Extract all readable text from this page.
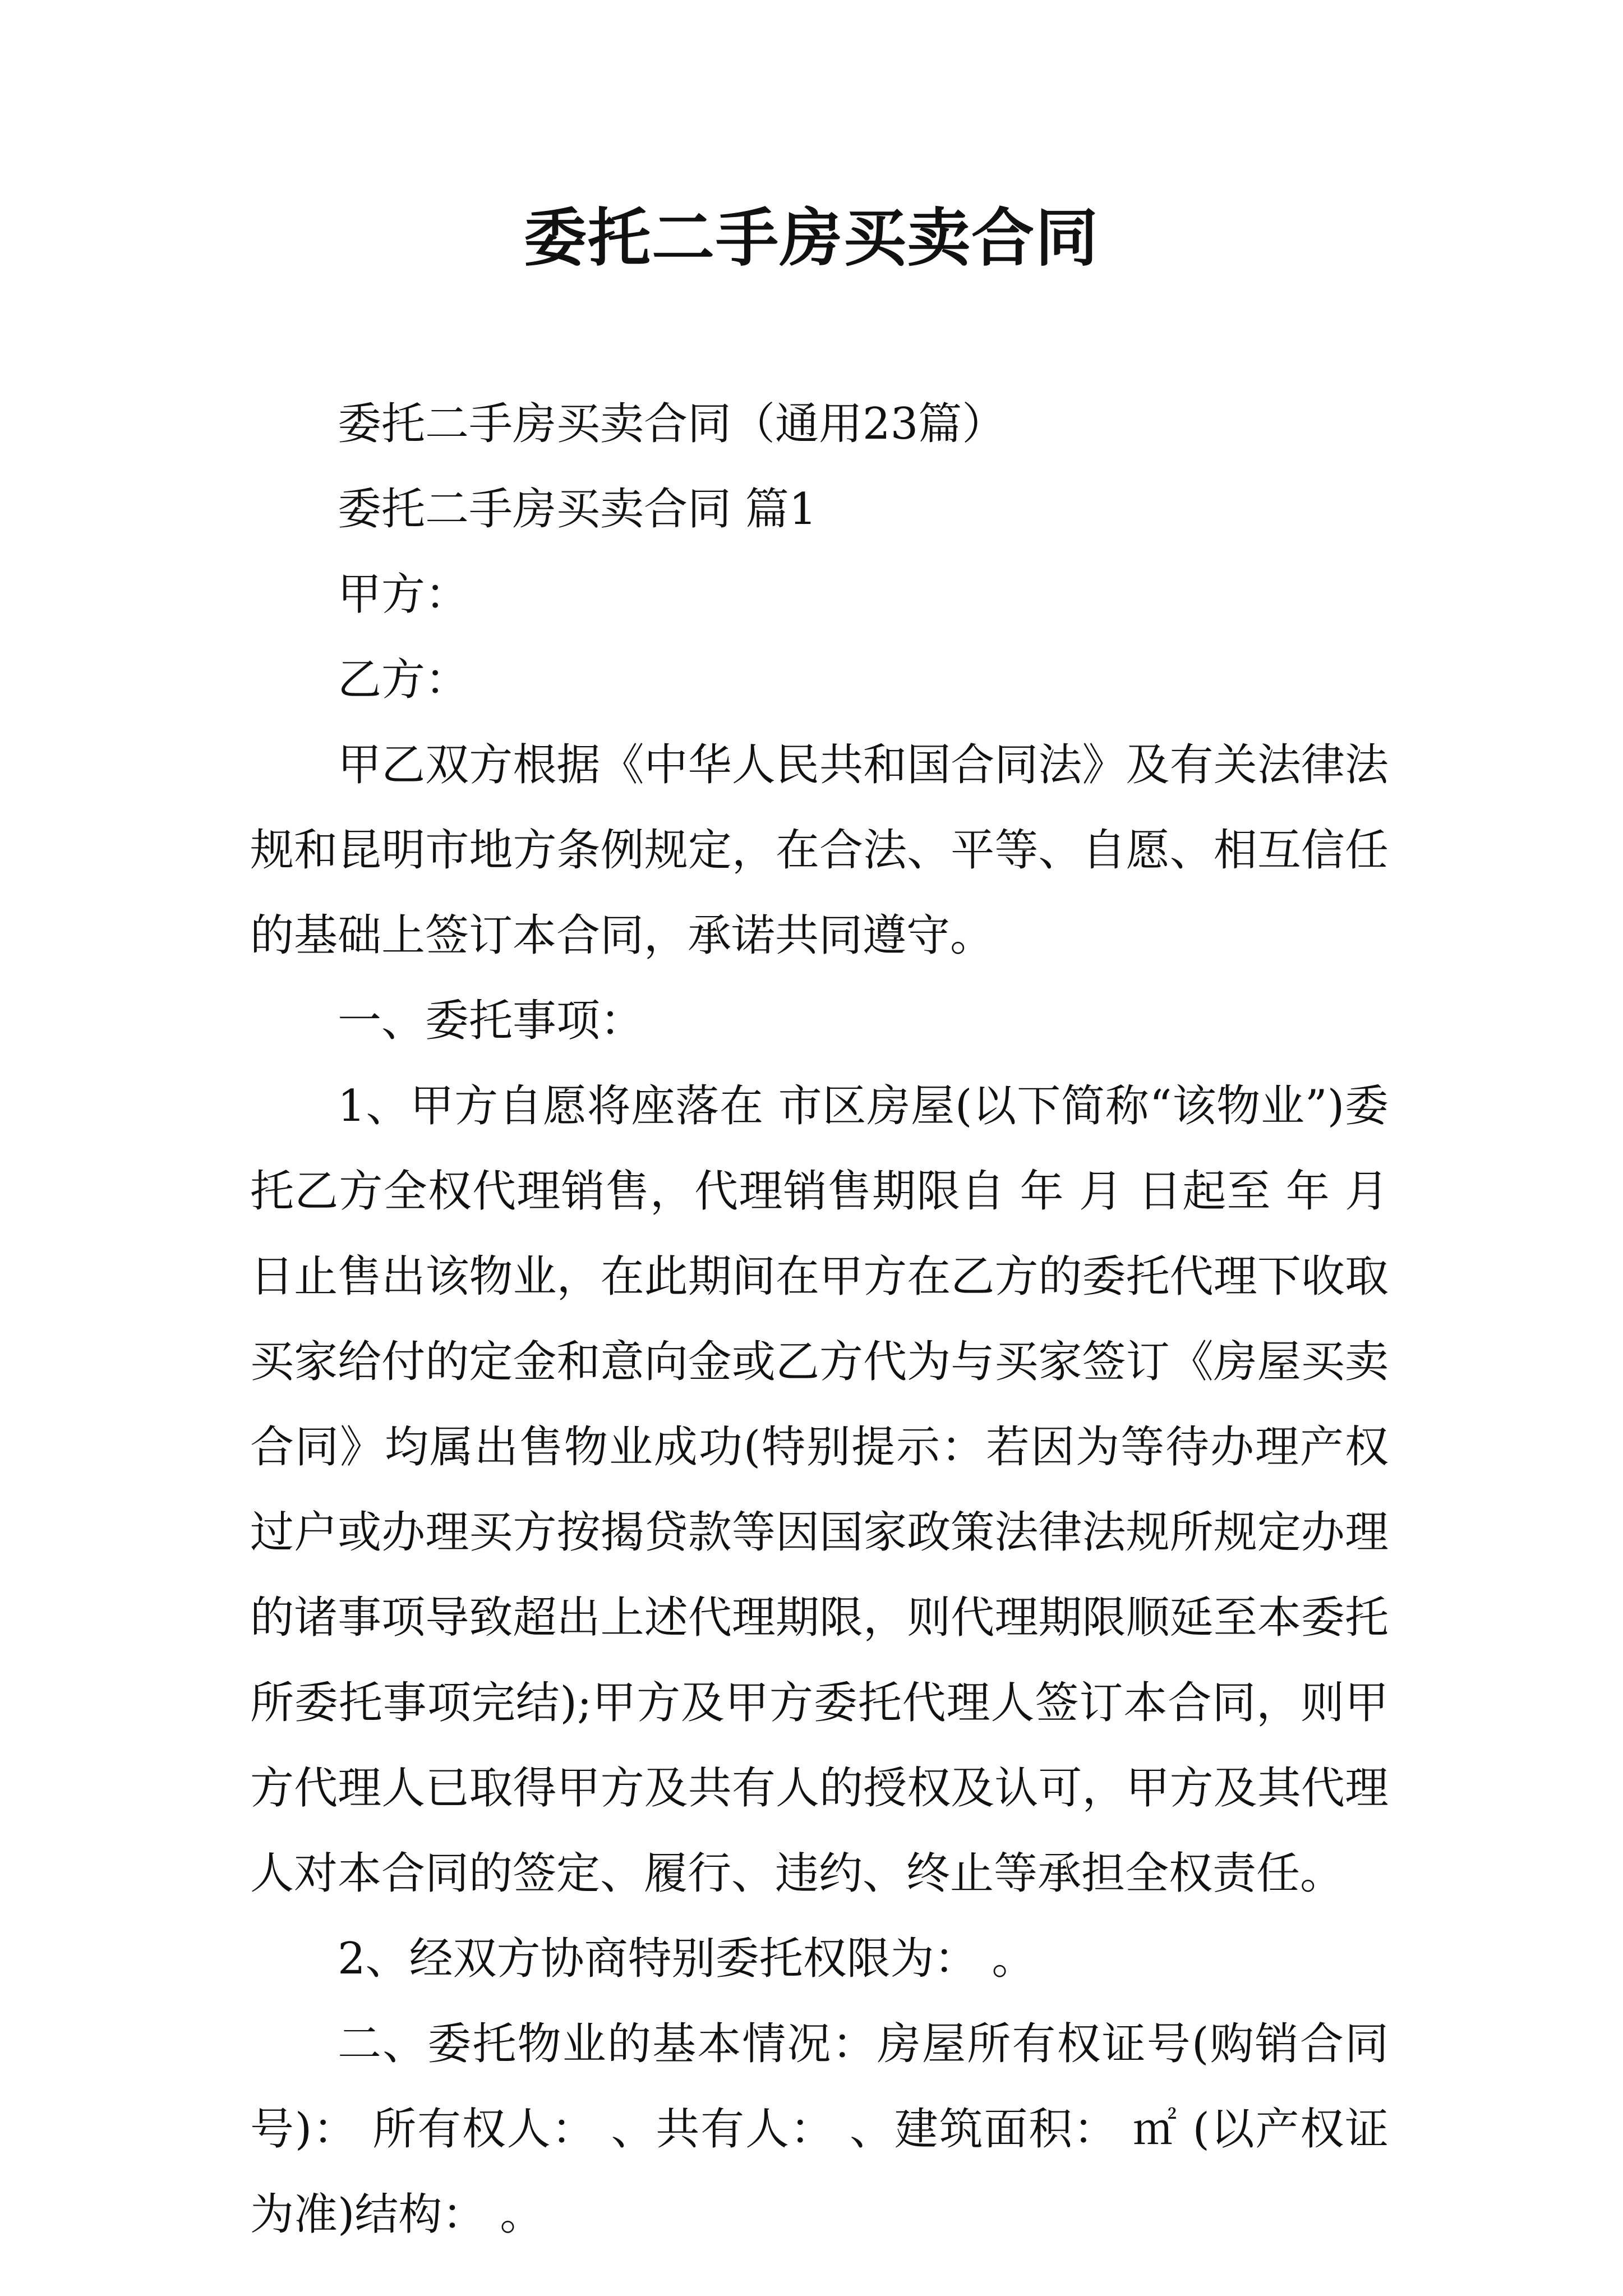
委托二手房买卖合同

委托二手房买卖合同（通用23篇）

委托二手房买卖合同 篇1

甲方：

乙方：

甲乙双方根据《中华人民共和国合同法》及有关法律法规和昆明市地方条例规定，在合法、平等、自愿、相互信任的基础上签订本合同，承诺共同遵守。

一、委托事项：

1、甲方自愿将座落在 市区房屋(以下简称“该物业”)委托乙方全权代理销售，代理销售期限自 年 月 日起至 年 月 日止售出该物业，在此期间在甲方在乙方的委托代理下收取买家给付的定金和意向金或乙方代为与买家签订《房屋买卖合同》均属出售物业成功(特别提示：若因为等待办理产权过户或办理买方按揭贷款等因国家政策法律法规所规定办理的诸事项导致超出上述代理期限，则代理期限顺延至本委托所委托事项完结);甲方及甲方委托代理人签订本合同，则甲方代理人已取得甲方及共有人的授权及认可，甲方及其代理人对本合同的签定、履行、违约、终止等承担全权责任。

2、经双方协商特别委托权限为： 。

二、委托物业的基本情况：房屋所有权证号(购销合同号)： 所有权人： 、共有人： 、建筑面积： ㎡ (以产权证为准)结构： 。
